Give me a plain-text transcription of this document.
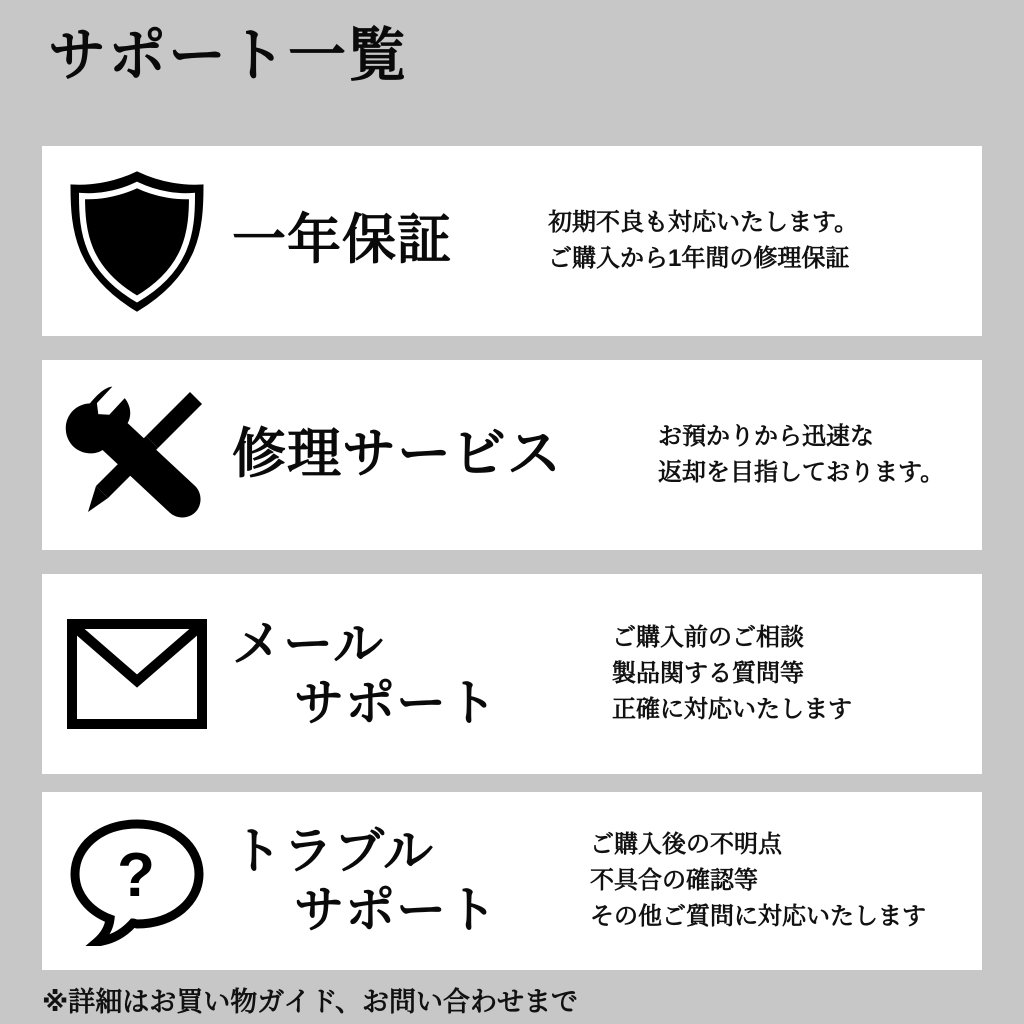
サポート一覧
一年保証	初期不良も対応いたします。
ご購入から1年間の修理保証
修理サービス	お預かりから迅速な
返却を目指しております。
メール
サポート
ご購入前のご相談
製品関する質問等
正確に対応いたします
? トラブル
サポート
ご購入後の不明点
不具合の確認等
その他ご質問に対応いたします
※詳細はお買い物ガイド、お問い合わせまで
